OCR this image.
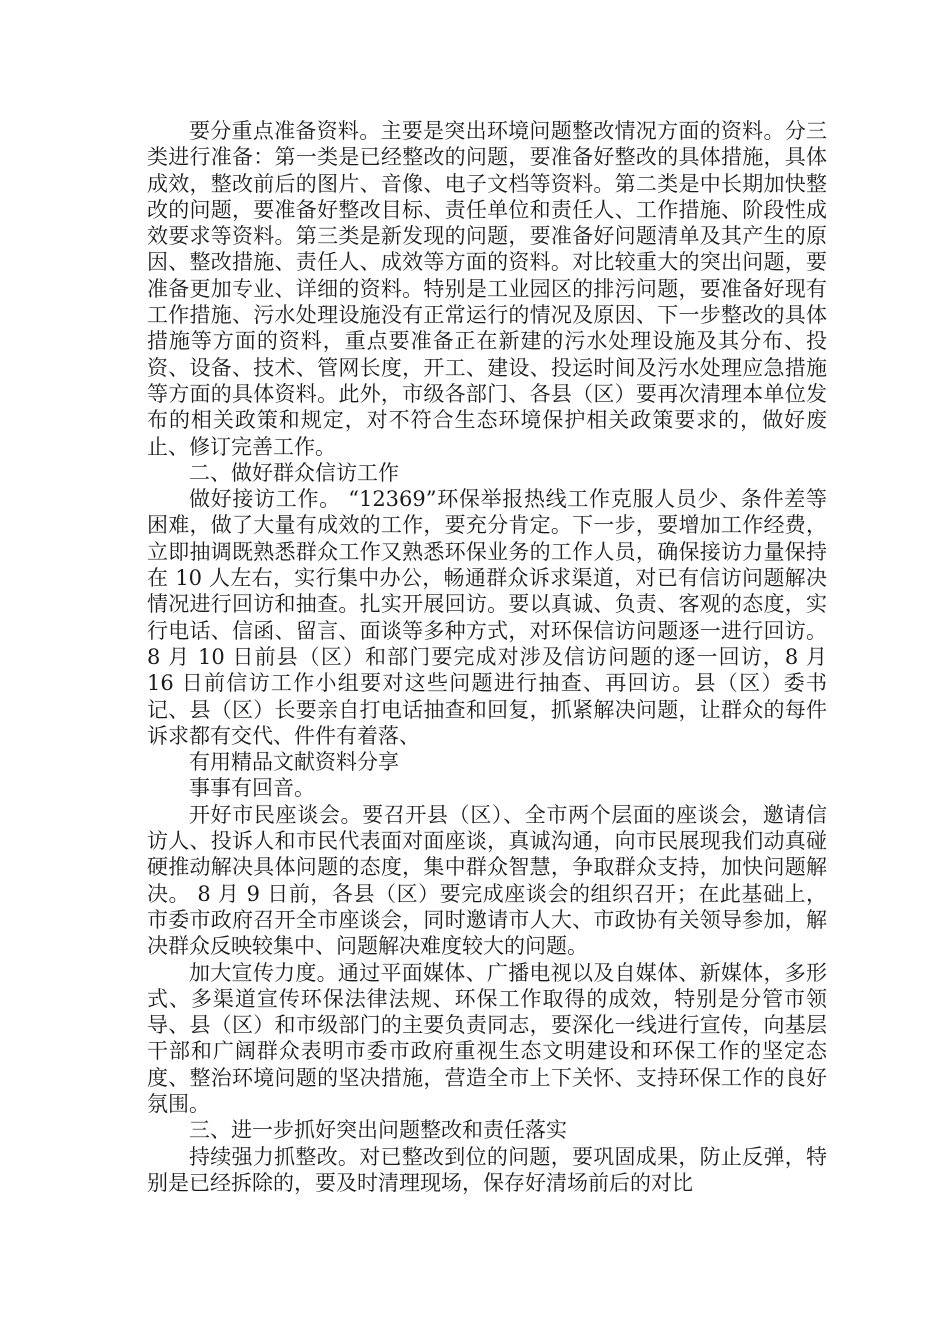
要分重点准备资料。主要是突出环境问题整改情况方面的资料。分三类进行准备：第一类是已经整改的问题，要准备好整改的具体措施，具体成效，整改前后的图片、音像、电子文档等资料。第二类是中长期加快整改的问题，要准备好整改目标、责任单位和责任人、工作措施、阶段性成效要求等资料。第三类是新发现的问题，要准备好问题清单及其产生的原因、整改措施、责任人、成效等方面的资料。对比较重大的突出问题，要准备更加专业、详细的资料。特别是工业园区的排污问题，要准备好现有工作措施、污水处理设施没有正常运行的情况及原因、下一步整改的具体措施等方面的资料，重点要准备正在新建的污水处理设施及其分布、投资、设备、技术、管网长度，开工、建设、投运时间及污水处理应急措施等方面的具体资料。此外，市级各部门、各县（区）要再次清理本单位发布的相关政策和规定，对不符合生态环境保护相关政策要求的，做好废止、修订完善工作。

二、做好群众信访工作

做好接访工作。 “12369”环保举报热线工作克服人员少、条件差等困难，做了大量有成效的工作，要充分肯定。下一步，要增加工作经费，立即抽调既熟悉群众工作又熟悉环保业务的工作人员，确保接访力量保持在 10 人左右，实行集中办公，畅通群众诉求渠道，对已有信访问题解决情况进行回访和抽查。扎实开展回访。要以真诚、负责、客观的态度，实行电话、信函、留言、面谈等多种方式，对环保信访问题逐一进行回访。 8 月 10 日前县（区）和部门要完成对涉及信访问题的逐一回访，8 月 16 日前信访工作小组要对这些问题进行抽查、再回访。县（区）委书记、县（区）长要亲自打电话抽查和回复，抓紧解决问题，让群众的每件诉求都有交代、件件有着落、

有用精品文献资料分享

事事有回音。

开好市民座谈会。要召开县（区）、全市两个层面的座谈会，邀请信访人、投诉人和市民代表面对面座谈，真诚沟通，向市民展现我们动真碰硬推动解决具体问题的态度，集中群众智慧，争取群众支持，加快问题解决。 8 月 9 日前，各县（区）要完成座谈会的组织召开；在此基础上，市委市政府召开全市座谈会，同时邀请市人大、市政协有关领导参加，解决群众反映较集中、问题解决难度较大的问题。

加大宣传力度。通过平面媒体、广播电视以及自媒体、新媒体，多形式、多渠道宣传环保法律法规、环保工作取得的成效，特别是分管市领导、县（区）和市级部门的主要负责同志，要深化一线进行宣传，向基层干部和广阔群众表明市委市政府重视生态文明建设和环保工作的坚定态度、整治环境问题的坚决措施，营造全市上下关怀、支持环保工作的良好氛围。

三、进一步抓好突出问题整改和责任落实

持续强力抓整改。对已整改到位的问题，要巩固成果，防止反弹，特别是已经拆除的，要及时清理现场，保存好清场前后的对比
